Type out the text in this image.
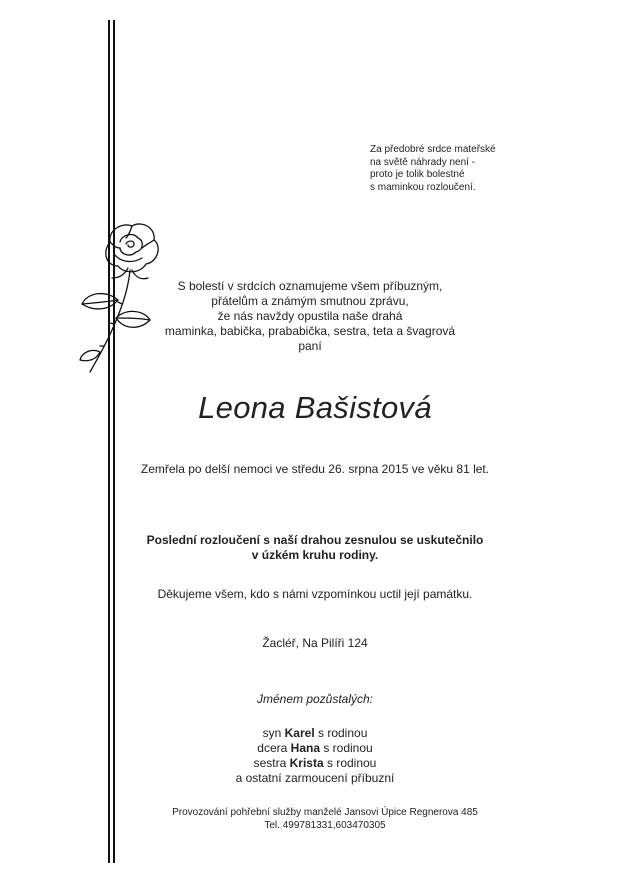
Za předobré srdce mateřské
na světě náhrady není -
proto je tolik bolestné
s maminkou rozloučení.
S bolestí v srdcích oznamujeme všem příbuzným,
přátelům a známým smutnou zprávu,
že nás navždy opustila naše drahá
maminka, babička, prababička, sestra, teta a švagrová
paní
Leona Bašistová
Zemřela po delší nemoci ve středu 26. srpna 2015 ve věku 81 let.
Poslední rozloučení s naší drahou zesnulou se uskutečnilo
v úzkém kruhu rodiny.
Děkujeme všem, kdo s námi vzpomínkou uctil její památku.
Žacléř, Na Pilíři 124
Jménem pozůstalých:
syn Karel s rodinou
dcera Hana s rodinou
sestra Krista s rodinou
a ostatní zarmoucení příbuzní
Provozování pohřební služby manželé Jansovi Úpice Regnerova 485
Tel. 499781331,603470305
